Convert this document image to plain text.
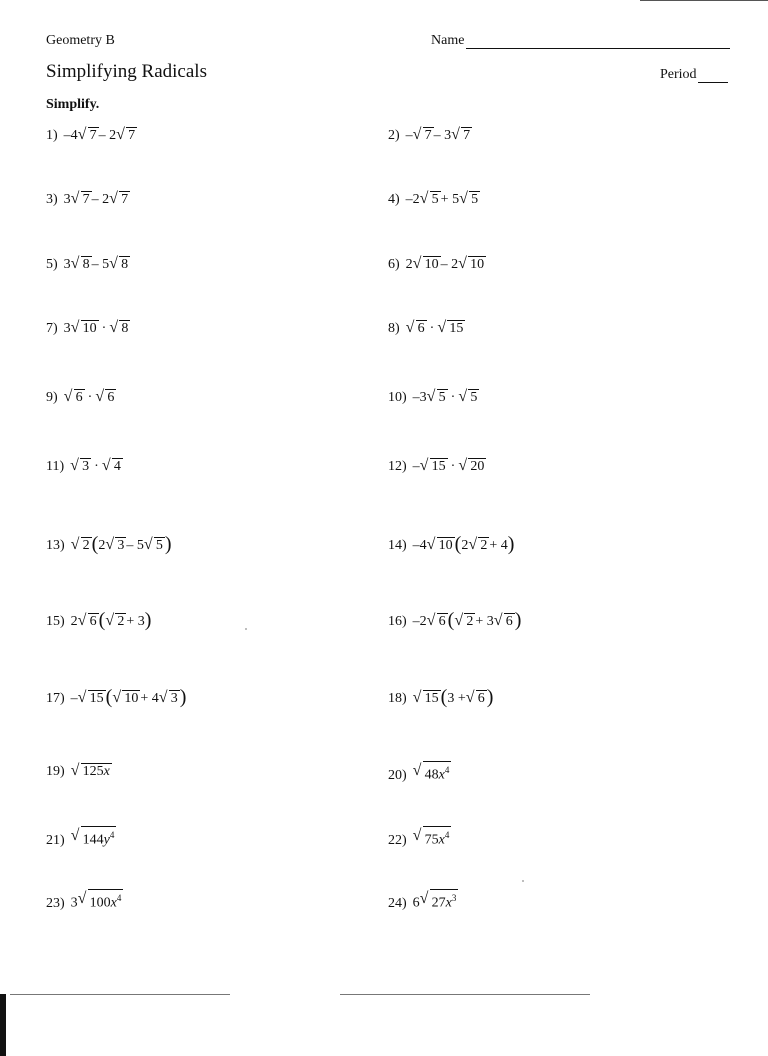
Geometry B
Simplifying Radicals
Name
Period
Simplify.
1) –4 √ 7 – 2 √ 7	2) – √ 7 – 3 √ 7
3) 3 √ 7 – 2 √ 7	4) –2 √ 5 + 5 √ 5
5) 3 √ 8 – 5 √ 8	6) 2 √ 10 – 2 √ 10
7) 3 √ 10 · √ 8	8) √ 6 · √ 15
9) √ 6 · √ 6	10) –3 √ 5 · √ 5
11) √ 3 · √ 4	12) – √ 15 · √ 20
13) √ 2 (2 √ 3 – 5 √ 5 )	14) –4 √ 10 (2 √ 2 + 4)
15) 2 √ 6 ( √ 2 + 3)	16) –2 √ 6 ( √ 2 + 3 √ 6 )
17) – √ 15 ( √ 10 + 4 √ 3 )	18) √ 15 (3 + √ 6 )
19) √ 125x	20) √ $48x^4$
21) √ $144y^4$	22) √ $75x^4$
23) 3 √ $100x^4$	24) 6 √ $27x^3$
